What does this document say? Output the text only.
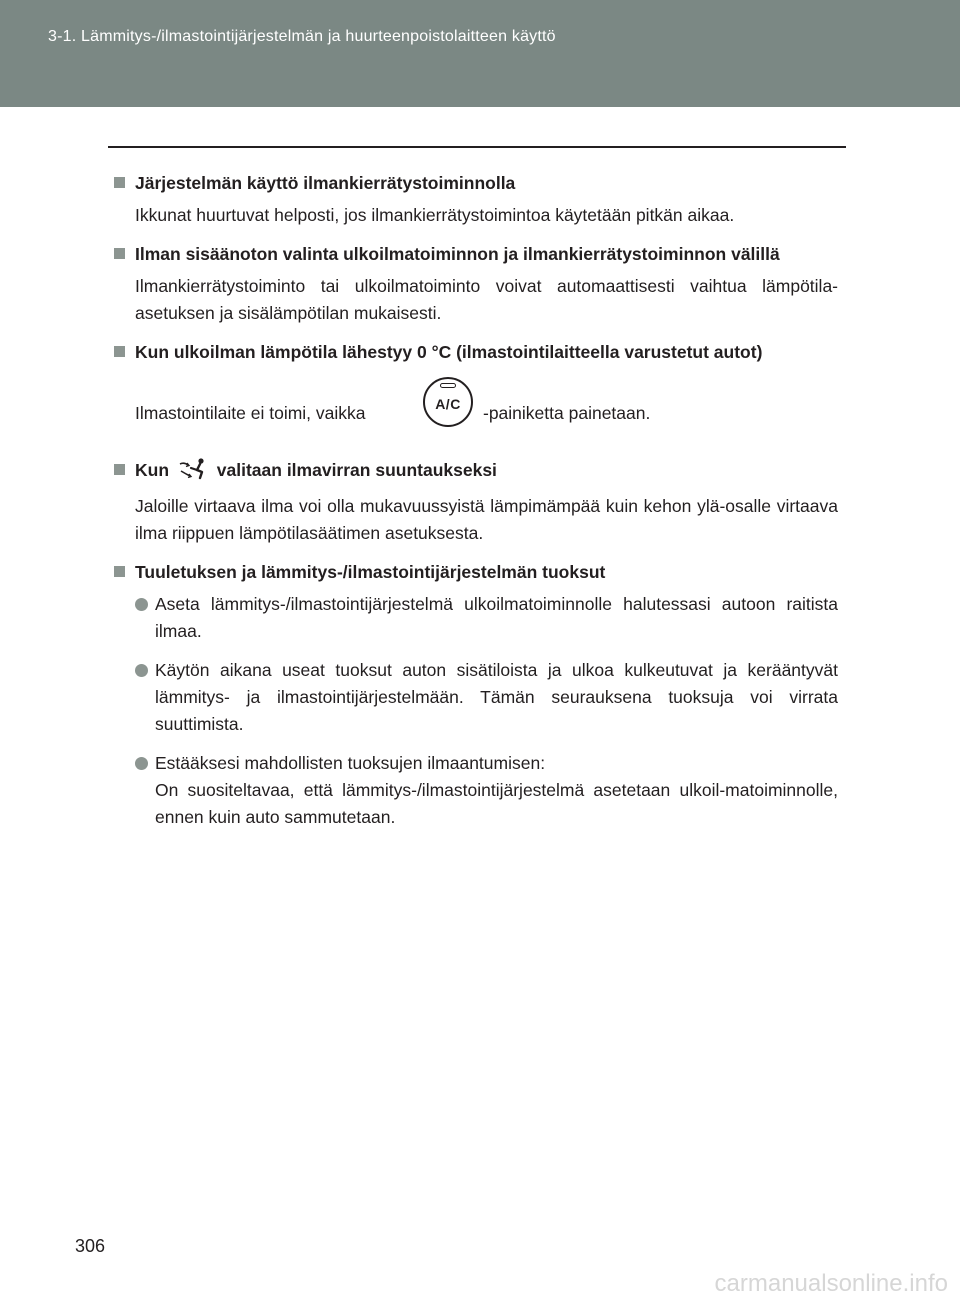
3-1. Lämmitys-/ilmastointijärjestelmän ja huurteenpoistolaitteen käyttö
Järjestelmän käyttö ilmankierrätystoiminnolla
Ikkunat huurtuvat helposti, jos ilmankierrätystoimintoa käytetään pitkän aikaa.
Ilman sisäänoton valinta ulkoilmatoiminnon ja ilmankierrätystoiminnon välillä
Ilmankierrätystoiminto tai ulkoilmatoiminto voivat automaattisesti vaihtua lämpötila-asetuksen ja sisälämpötilan mukaisesti.
Kun ulkoilman lämpötila lähestyy 0 °C (ilmastointilaitteella varustetut autot)
Ilmastointilaite ei toimi, vaikka	A/C	-painiketta painetaan.
Kun	valitaan ilmavirran suuntaukseksi
Jaloille virtaava ilma voi olla mukavuussyistä lämpimämpää kuin kehon ylä-osalle virtaava ilma riippuen lämpötilasäätimen asetuksesta.
Tuuletuksen ja lämmitys-/ilmastointijärjestelmän tuoksut
Aseta lämmitys-/ilmastointijärjestelmä ulkoilmatoiminnolle halutessasi autoon raitista ilmaa.
Käytön aikana useat tuoksut auton sisätiloista ja ulkoa kulkeutuvat ja kerääntyvät lämmitys- ja ilmastointijärjestelmään. Tämän seurauksena tuoksuja voi virrata suuttimista.
Estääksesi mahdollisten tuoksujen ilmaantumisen:
On suositeltavaa, että lämmitys-/ilmastointijärjestelmä asetetaan ulkoil-matoiminnolle, ennen kuin auto sammutetaan.
306
carmanualsonline.info
